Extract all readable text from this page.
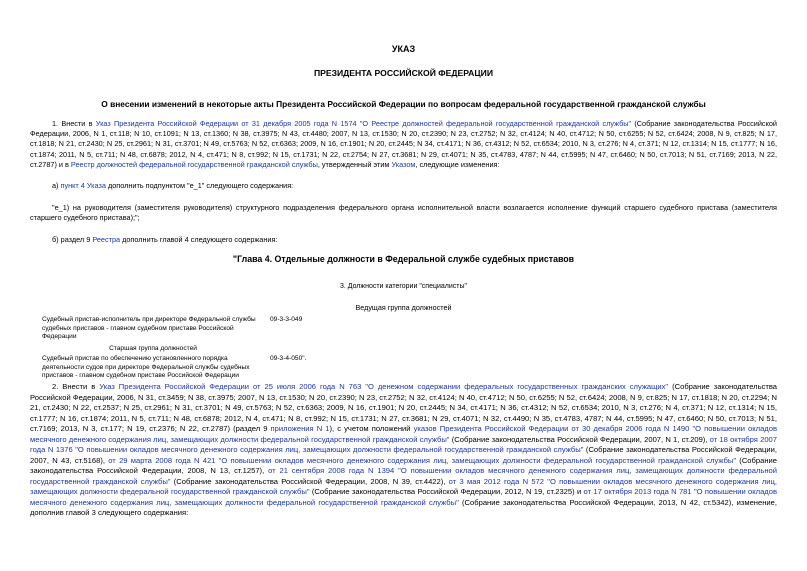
УКАЗ
ПРЕЗИДЕНТА РОССИЙСКОЙ ФЕДЕРАЦИИ
О внесении изменений в некоторые акты Президента Российской Федерации по вопросам федеральной государственной гражданской службы
1. Внести в Указ Президента Российской Федерации от 31 декабря 2005 года N 1574 "О Реестре должностей федеральной государственной гражданской службы" (Собрание законодательства Российской Федерации, 2006, N 1, ст.118; N 10, ст.1091; N 13, ст.1360; N 38, ст.3975; N 43, ст.4480; 2007, N 13, ст.1530; N 20, ст.2390; N 23, ст.2752; N 32, ст.4124; N 40, ст.4712; N 50, ст.6255; N 52, ст.6424; 2008, N 9, ст.825; N 17, ст.1818; N 21, ст.2430; N 25, ст.2961; N 31, ст.3701; N 49, ст.5763; N 52, ст.6363; 2009, N 16, ст.1901; N 20, ст.2445; N 34, ст.4171; N 36, ст.4312; N 52, ст.6534; 2010, N 3, ст.276; N 4, ст.371; N 12, ст.1314; N 15, ст.1777; N 16, ст.1874; 2011, N 5, ст.711; N 48, ст.6878; 2012, N 4, ст.471; N 8, ст.992; N 15, ст.1731; N 22, ст.2754; N 27, ст.3681; N 29, ст.4071; N 35, ст.4783, 4787; N 44, ст.5995; N 47, ст.6460; N 50, ст.7013; N 51, ст.7169; 2013, N 22, ст.2787) и в Реестр должностей федеральной государственной гражданской службы, утвержденный этим Указом, следующие изменения:
а) пункт 4 Указа дополнить подпунктом "е_1" следующего содержания:
"е_1) на руководителя (заместителя руководителя) структурного подразделения федерального органа исполнительной власти возлагается исполнение функций старшего судебного пристава (заместителя старшего судебного пристава);";
б) раздел 9 Реестра дополнить главой 4 следующего содержания:
"Глава 4. Отдельные должности в Федеральной службе судебных приставов
3. Должности категории "специалисты"
Ведущая группа должностей
Судебный пристав-исполнитель при директоре Федеральной службы судебных приставов - главном судебном приставе Российской Федерации
09-3-3-049
Старшая группа должностей
Судебный пристав по обеспечению установленного порядка деятельности судов при директоре Федеральной службы судебных приставов - главном судебном приставе Российской Федерации
09-3-4-050".
2. Внести в Указ Президента Российской Федерации от 25 июля 2006 года N 763 "О денежном содержании федеральных государственных гражданских служащих" (Собрание законодательства Российской Федерации, 2006, N 31, ст.3459; N 38, ст.3975; 2007, N 13, ст.1530; N 20, ст.2390; N 23, ст.2752; N 32, ст.4124; N 40, ст.4712; N 50, ст.6255; N 52, ст.6424; 2008, N 9, ст.825; N 17, ст.1818; N 20, ст.2294; N 21, ст.2430; N 22, ст.2537; N 25, ст.2961; N 31, ст.3701; N 49, ст.5763; N 52, ст.6363; 2009, N 16, ст.1901; N 20, ст.2445; N 34, ст.4171; N 36, ст.4312; N 52, ст.6534; 2010, N 3, ст.276; N 4, ст.371; N 12, ст.1314; N 15, ст.1777; N 16, ст.1874; 2011, N 5, ст.711; N 48, ст.6878; 2012, N 4, ст.471; N 8, ст.992; N 15, ст.1731; N 27, ст.3681; N 29, ст.4071; N 32, ст.4490; N 35, ст.4783, 4787; N 44, ст.5995; N 47, ст.6460; N 50, ст.7013; N 51, ст.7169; 2013, N 3, ст.177; N 19, ст.2376; N 22, ст.2787) (раздел 9 приложения N 1), с учетом положений указов Президента Российской Федерации от 30 декабря 2006 года N 1490 "О повышении окладов месячного денежного содержания лиц, замещающих должности федеральной государственной гражданской службы" (Собрание законодательства Российской Федерации, 2007, N 1, ст.209), от 18 октября 2007 года N 1376 "О повышении окладов месячного денежного содержания лиц, замещающих должности федеральной государственной гражданской службы" (Собрание законодательства Российской Федерации, 2007, N 43, ст.5168), от 29 марта 2008 года N 421 "О повышении окладов месячного денежного содержания лиц, замещающих должности федеральной государственной гражданской службы" (Собрание законодательства Российской Федерации, 2008, N 13, ст.1257), от 21 сентября 2008 года N 1394 "О повышении окладов месячного денежного содержания лиц, замещающих должности федеральной государственной гражданской службы" (Собрание законодательства Российской Федерации, 2008, N 39, ст.4422), от 3 мая 2012 года N 572 "О повышении окладов месячного денежного содержания лиц, замещающих должности федеральной государственной гражданской службы" (Собрание законодательства Российской Федерации, 2012, N 19, ст.2325) и от 17 октября 2013 года N 781 "О повышении окладов месячного денежного содержания лиц, замещающих должности федеральной государственной гражданской службы" (Собрание законодательства Российской Федерации, 2013, N 42, ст.5342), изменение, дополнив главой 3 следующего содержания:
